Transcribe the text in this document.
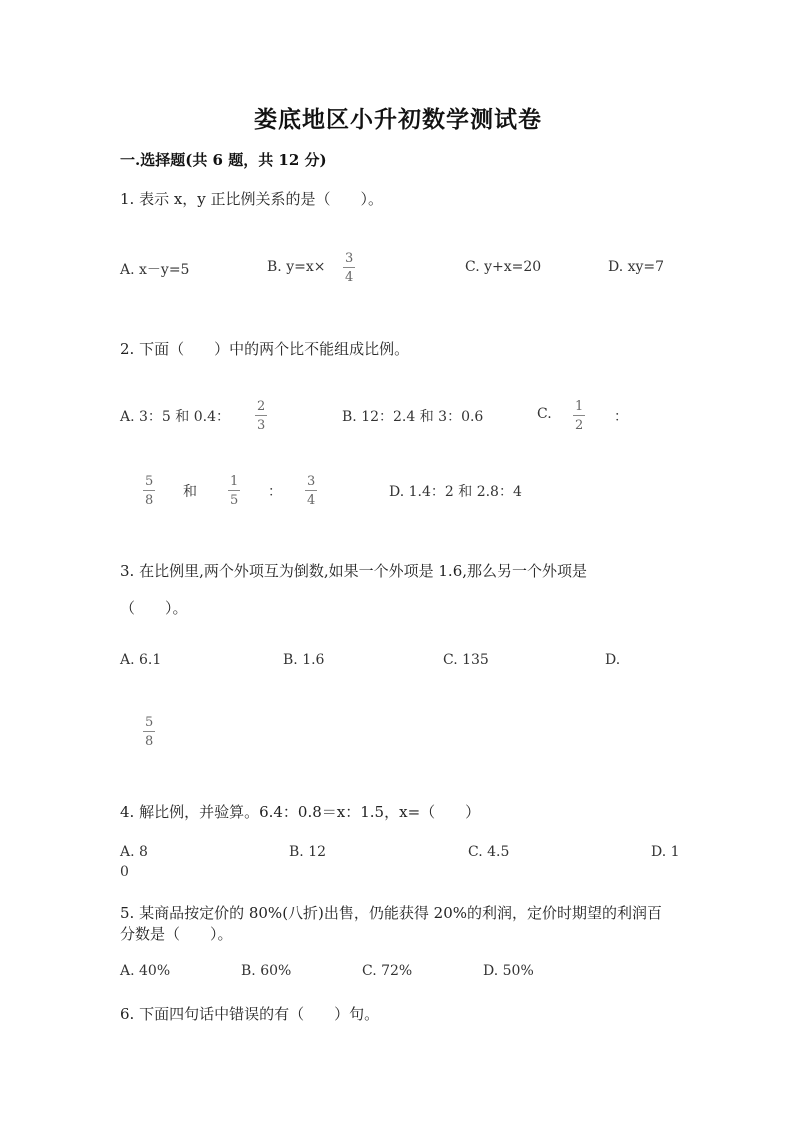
娄底地区小升初数学测试卷
一.选择题(共 6 题，共 12 分)
1. 表示 x，y 正比例关系的是（　　）。
A. x－y=5	B. y=x×
3
4
C. y+x=20	D. xy=7
2. 下面（　　）中的两个比不能组成比例。
A. 3：5 和 0.4：
2
3
B. 12：2.4 和 3：0.6	C. 1
2
：
5
8
和
1
5
：
3
4
D. 1.4：2 和 2.8：4
3. 在比例里,两个外项互为倒数,如果一个外项是 1.6,那么另一个外项是
（　　）。
A. 6.1	B. 1.6	C. 135	D.
5
8
4. 解比例，并验算。6.4：0.8＝x：1.5，x=（　　）
A. 8	B. 12	C. 4.5	D. 1
0
5. 某商品按定价的 80%(八折)出售，仍能获得 20%的利润，定价时期望的利润百
分数是（　　）。
A. 40%	B. 60%	C. 72%	D. 50%
6. 下面四句话中错误的有（　　）句。
